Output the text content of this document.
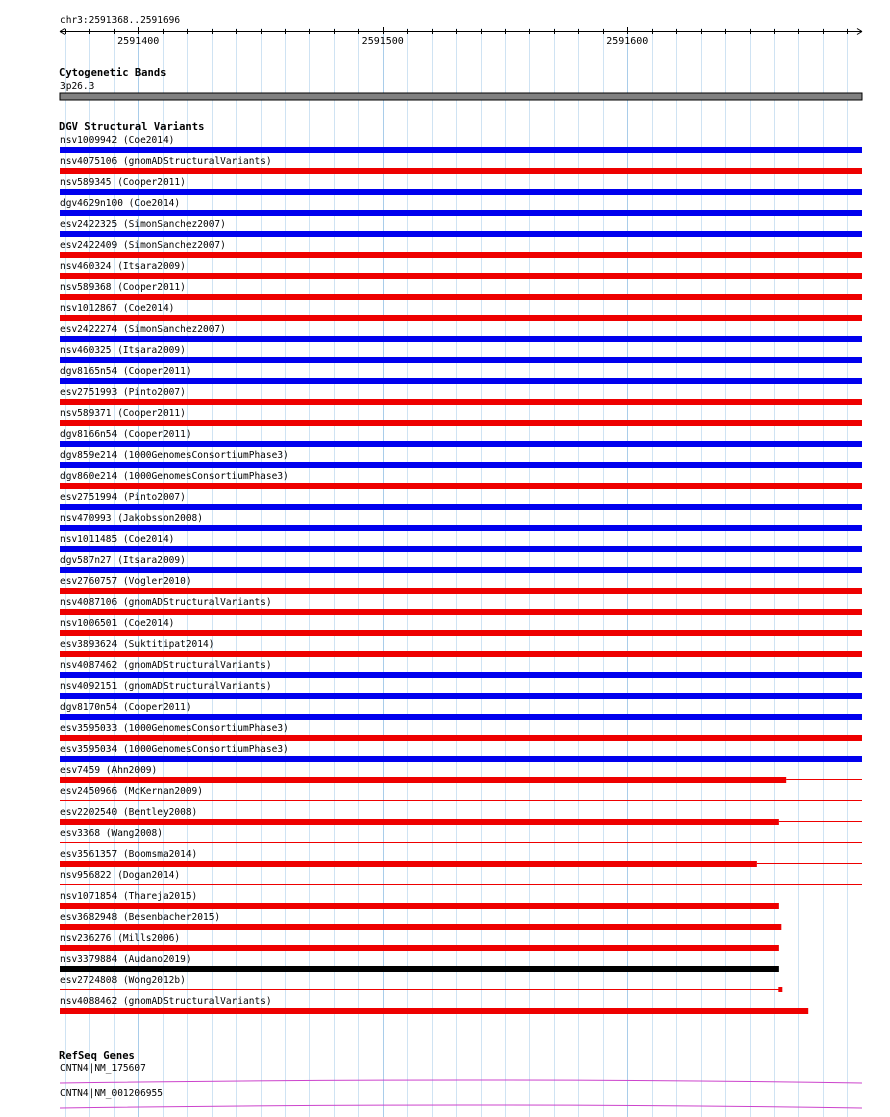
2591400	2591500	2591600
chr3:2591368..2591696
Cytogenetic Bands
3p26.3
DGV Structural Variants
nsv1009942 (Coe2014)
nsv4075106 (gnomADStructuralVariants)
nsv589345 (Cooper2011)
dgv4629n100 (Coe2014)
esv2422325 (SimonSanchez2007)
esv2422409 (SimonSanchez2007)
nsv460324 (Itsara2009)
nsv589368 (Cooper2011)
nsv1012867 (Coe2014)
esv2422274 (SimonSanchez2007)
nsv460325 (Itsara2009)
dgv8165n54 (Cooper2011)
esv2751993 (Pinto2007)
nsv589371 (Cooper2011)
dgv8166n54 (Cooper2011)
dgv859e214 (1000GenomesConsortiumPhase3)
dgv860e214 (1000GenomesConsortiumPhase3)
esv2751994 (Pinto2007)
nsv470993 (Jakobsson2008)
nsv1011485 (Coe2014)
dgv587n27 (Itsara2009)
esv2760757 (Vogler2010)
nsv4087106 (gnomADStructuralVariants)
nsv1006501 (Coe2014)
esv3893624 (Suktitipat2014)
nsv4087462 (gnomADStructuralVariants)
nsv4092151 (gnomADStructuralVariants)
dgv8170n54 (Cooper2011)
esv3595033 (1000GenomesConsortiumPhase3)
esv3595034 (1000GenomesConsortiumPhase3)
esv7459 (Ahn2009)
esv2450966 (McKernan2009)
esv2202540 (Bentley2008)
esv3368 (Wang2008)
esv3561357 (Boomsma2014)
nsv956822 (Dogan2014)
nsv1071854 (Thareja2015)
esv3682948 (Besenbacher2015)
nsv236276 (Mills2006)
nsv3379884 (Audano2019)
esv2724808 (Wong2012b)
nsv4088462 (gnomADStructuralVariants)
RefSeq Genes
CNTN4|NM_175607
CNTN4|NM_001206955
